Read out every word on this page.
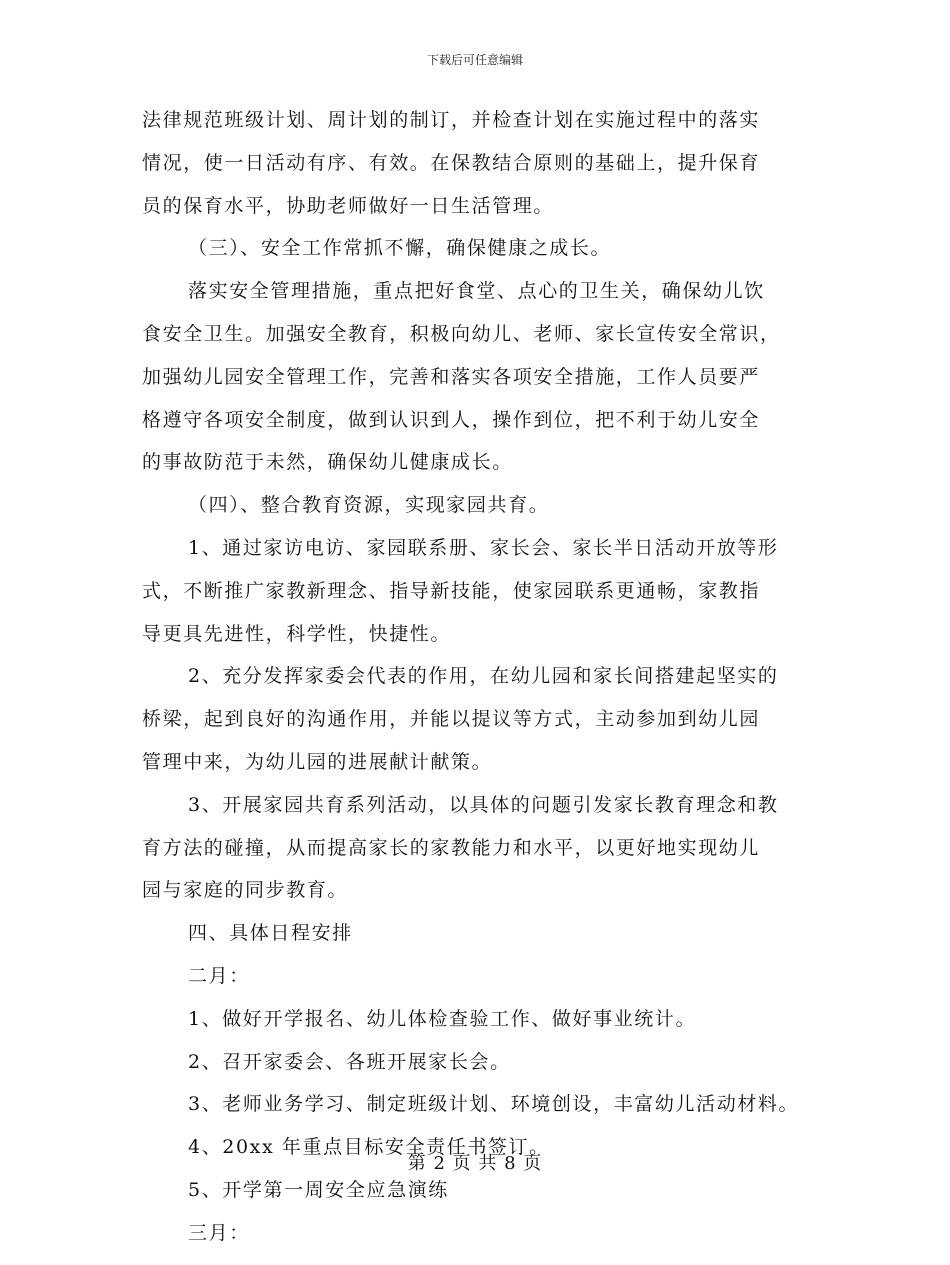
下载后可任意编辑
法律规范班级计划、周计划的制订，并检查计划在实施过程中的落实
情况，使一日活动有序、有效。在保教结合原则的基础上，提升保育
员的保育水平，协助老师做好一日生活管理。
（三）、安全工作常抓不懈，确保健康之成长。
落实安全管理措施，重点把好食堂、点心的卫生关，确保幼儿饮
食安全卫生。加强安全教育，积极向幼儿、老师、家长宣传安全常识，
加强幼儿园安全管理工作，完善和落实各项安全措施，工作人员要严
格遵守各项安全制度，做到认识到人，操作到位，把不利于幼儿安全
的事故防范于未然，确保幼儿健康成长。
（四）、整合教育资源，实现家园共育。
1、通过家访电访、家园联系册、家长会、家长半日活动开放等形
式，不断推广家教新理念、指导新技能，使家园联系更通畅，家教指
导更具先进性，科学性，快捷性。
2、充分发挥家委会代表的作用，在幼儿园和家长间搭建起坚实的
桥梁，起到良好的沟通作用，并能以提议等方式，主动参加到幼儿园
管理中来，为幼儿园的进展献计献策。
3、开展家园共育系列活动，以具体的问题引发家长教育理念和教
育方法的碰撞，从而提高家长的家教能力和水平，以更好地实现幼儿
园与家庭的同步教育。
四、具体日程安排
二月：
1、做好开学报名、幼儿体检查验工作、做好事业统计。
2、召开家委会、各班开展家长会。
3、老师业务学习、制定班级计划、环境创设，丰富幼儿活动材料。
4、20xx 年重点目标安全责任书签订。
5、开学第一周安全应急演练
三月：
第 2 页 共 8 页
